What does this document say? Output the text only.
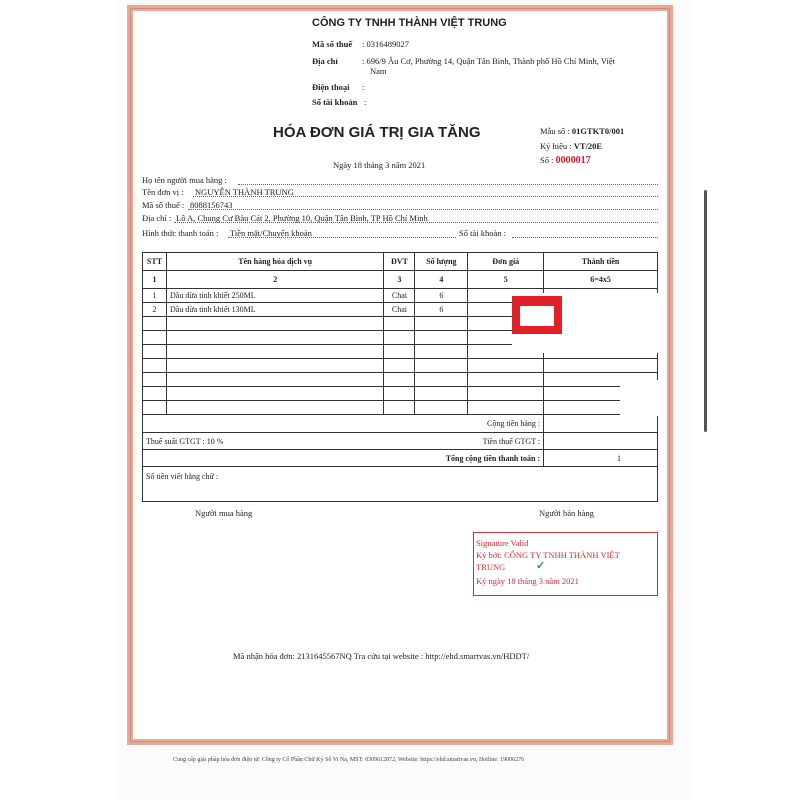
CÔNG TY TNHH THÀNH VIỆT TRUNG
Mã số thuế : 0316489027
Địa chỉ	: 696/9 Âu Cơ, Phường 14, Quận Tân Bình, Thành phố Hồ Chí Minh, Việt
Nam
Điện thoại :
Số tài khoản :
HÓA ĐƠN GIÁ TRỊ GIA TĂNG
Ngày 18 tháng 3 năm 2021
Mẫu số : 01GTKT0/001
Ký hiệu : VT/20E
Số : 0000017
Họ tên người mua hàng :
Tên đơn vị : NGUYỄN THÀNH TRUNG
Mã số thuế : 8088156743
Địa chỉ : Lô A, Chung Cư Bàu Cát 2, Phường 10, Quận Tân Bình, TP Hồ Chí Minh
Hình thức thanh toán : Tiền mặt/Chuyển khoản	Số tài khoản :
STT	Tên hàng hóa dịch vụ	ĐVT	Số lượng	Đơn giá	Thành tiền
1	2	3	4	5	6=4x5
1	Dầu dừa tinh khiết 250ML	Chai	6		
2	Dầu dừa tinh khiết 130ML	Chai	6		

Cộng tiền hàng :					
Thuế suất GTGT : 10 %			Tiền thuế GTGT :		
Tổng cộng tiền thanh toán :					1
Số tiền viết bằng chữ :					
Người mua hàng	Người bán hàng
Signature Valid
Ký bởi: CÔNG TY TNHH THÀNH VIỆT TRUNG
Ký ngày 18 tháng 3 năm 2021
✓
Mã nhận hóa đơn: 2131645567NQ Tra cứu tại website : http://ehd.smartvas.vn/HDDT/
Cung cấp giải pháp hóa đơn điện tử: Công ty Cổ Phần Chữ Ký Số Vi Na, MST: 0309612872, Website: https://ehd.smartvas.vn, Hotline: 19006276
